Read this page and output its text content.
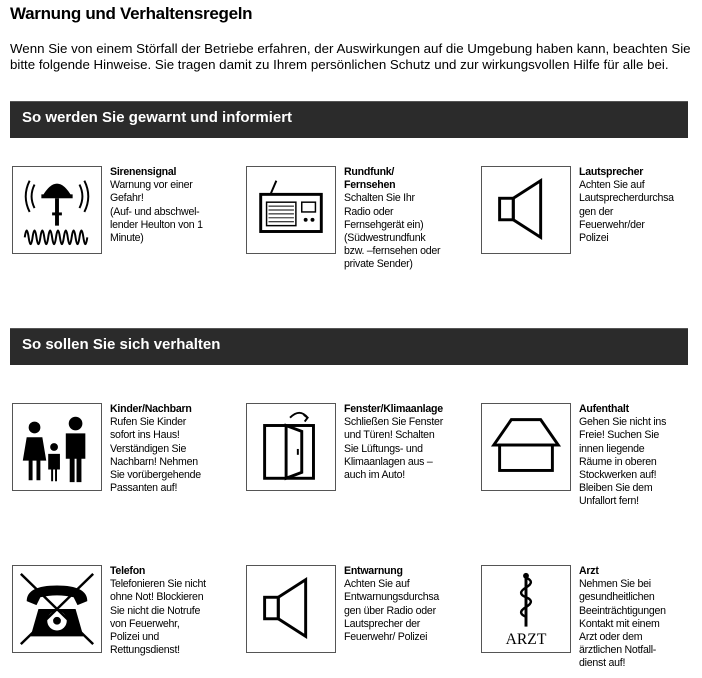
Warnung und Verhaltensregeln
Wenn Sie von einem Störfall der Betriebe erfahren, der Auswirkungen auf die Umgebung haben kann, beachten Sie bitte folgende Hinweise. Sie tragen damit zu Ihrem persönlichen Schutz und zur wirkungsvollen Hilfe für alle bei.
So werden Sie gewarnt und informiert
Sirenensignal
Warnung vor einer
Gefahr!
(Auf- und abschwel-
lender Heulton von 1
Minute)
Rundfunk/
Fernsehen
Schalten Sie Ihr
Radio oder
Fernsehgerät ein)
(Südwestrundfunk
bzw. –fernsehen oder
private Sender)
Lautsprecher
Achten Sie auf
Lautsprecherdurchsa
gen der
Feuerwehr/der
Polizei
So sollen Sie sich verhalten
Kinder/Nachbarn
Rufen Sie Kinder
sofort ins Haus!
Verständigen Sie
Nachbarn! Nehmen
Sie vorübergehende
Passanten auf!
Fenster/Klimaanlage
Schließen Sie Fenster
und Türen! Schalten
Sie Lüftungs- und
Klimaanlagen aus –
auch im Auto!
Aufenthalt
Gehen Sie nicht ins
Freie! Suchen Sie
innen liegende
Räume in oberen
Stockwerken auf!
Bleiben Sie dem
Unfallort fern!
Telefon
Telefonieren Sie nicht
ohne Not! Blockieren
Sie nicht die Notrufe
von Feuerwehr,
Polizei und
Rettungsdienst!
Entwarnung
Achten Sie auf
Entwarnungsdurchsa
gen über Radio oder
Lautsprecher der
Feuerwehr/ Polizei	ARZT
Arzt
Nehmen Sie bei
gesundheitlichen
Beeinträchtigungen
Kontakt mit einem
Arzt oder dem
ärztlichen Notfall-
dienst auf!
